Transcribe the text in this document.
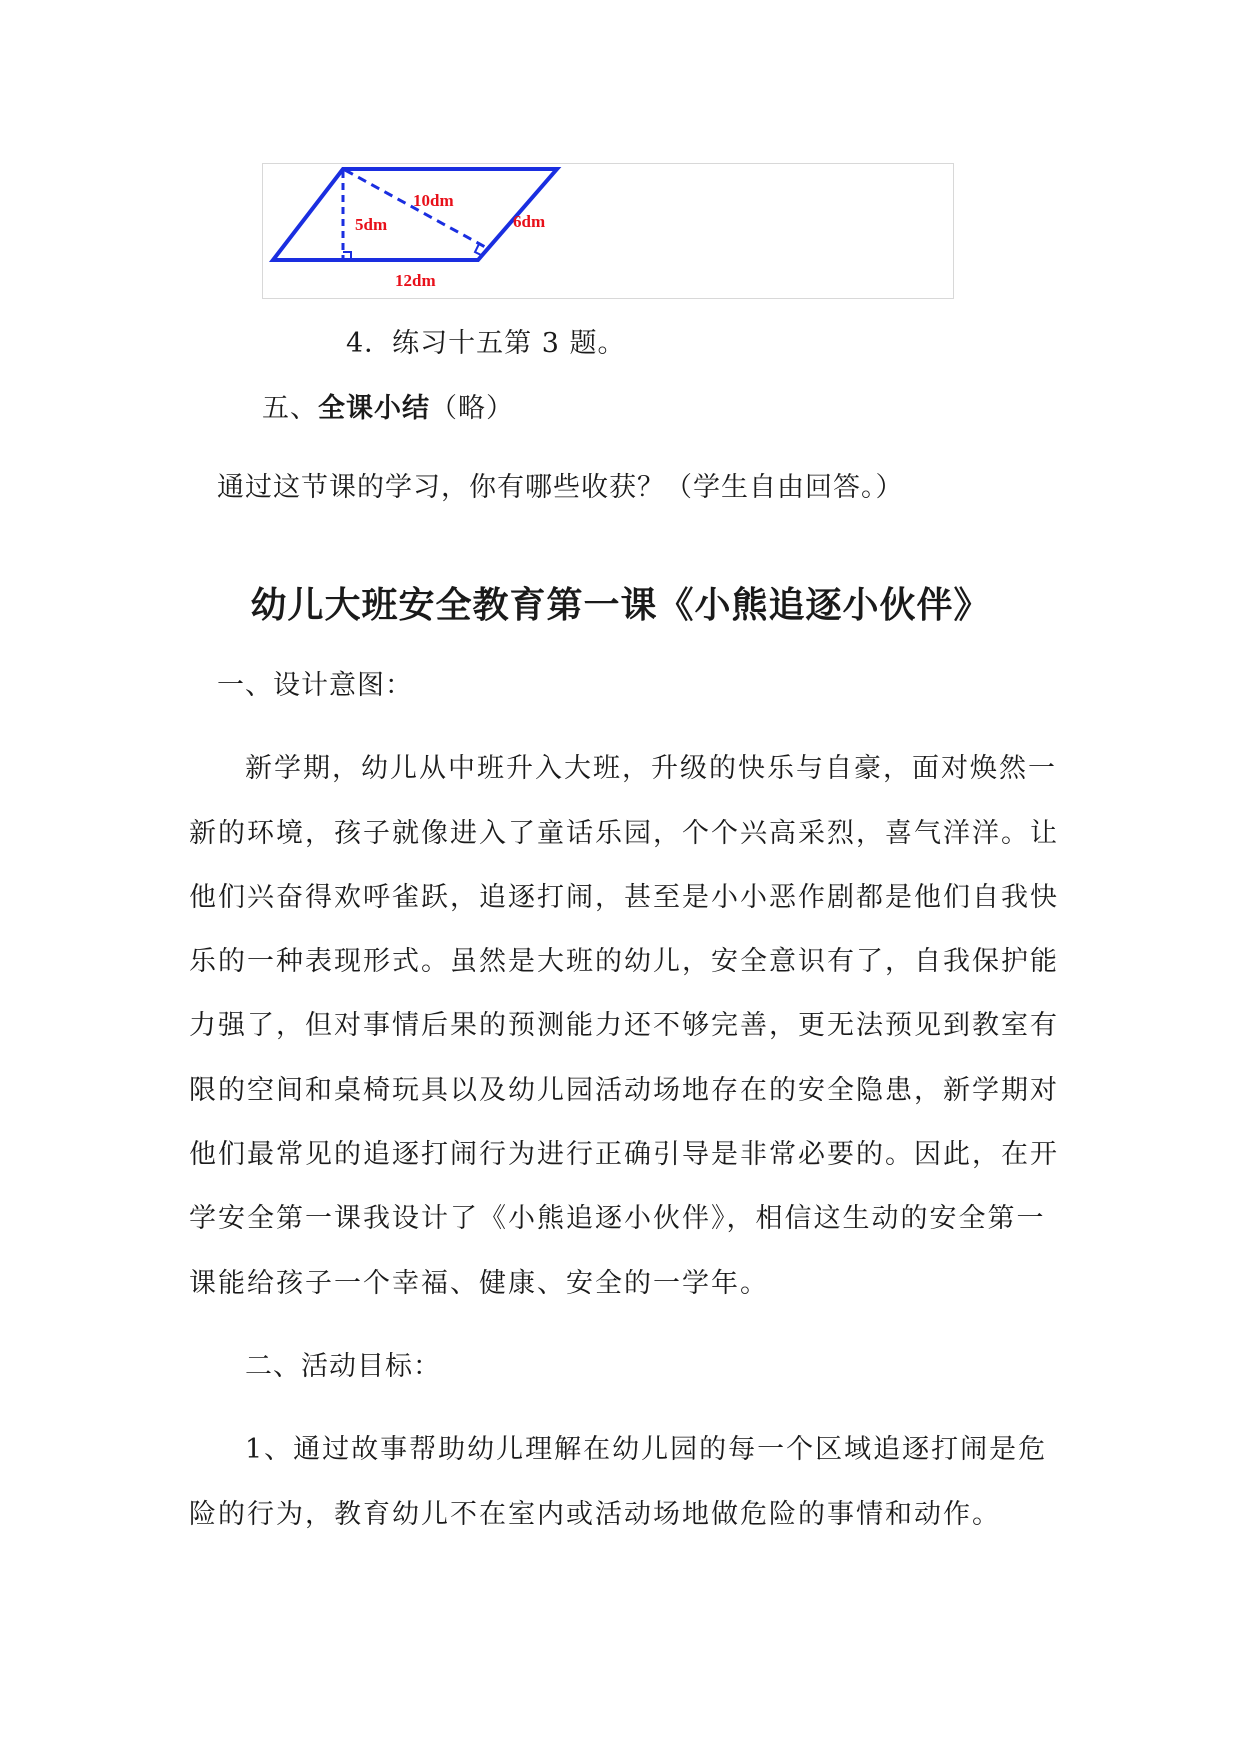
10dm
5dm	6dm
12dm
4．练习十五第 3 题。
五、全课小结（略）
通过这节课的学习，你有哪些收获？（学生自由回答。）
幼儿大班安全教育第一课《小熊追逐小伙伴》
一、设计意图：
新学期，幼儿从中班升入大班，升级的快乐与自豪，面对焕然一
新的环境，孩子就像进入了童话乐园，个个兴高采烈，喜气洋洋。让
他们兴奋得欢呼雀跃，追逐打闹，甚至是小小恶作剧都是他们自我快
乐的一种表现形式。虽然是大班的幼儿，安全意识有了，自我保护能
力强了，但对事情后果的预测能力还不够完善，更无法预见到教室有
限的空间和桌椅玩具以及幼儿园活动场地存在的安全隐患，新学期对
他们最常见的追逐打闹行为进行正确引导是非常必要的。因此，在开
学安全第一课我设计了《小熊追逐小伙伴》，相信这生动的安全第一
课能给孩子一个幸福、健康、安全的一学年。
二、活动目标：
1、通过故事帮助幼儿理解在幼儿园的每一个区域追逐打闹是危
险的行为，教育幼儿不在室内或活动场地做危险的事情和动作。
